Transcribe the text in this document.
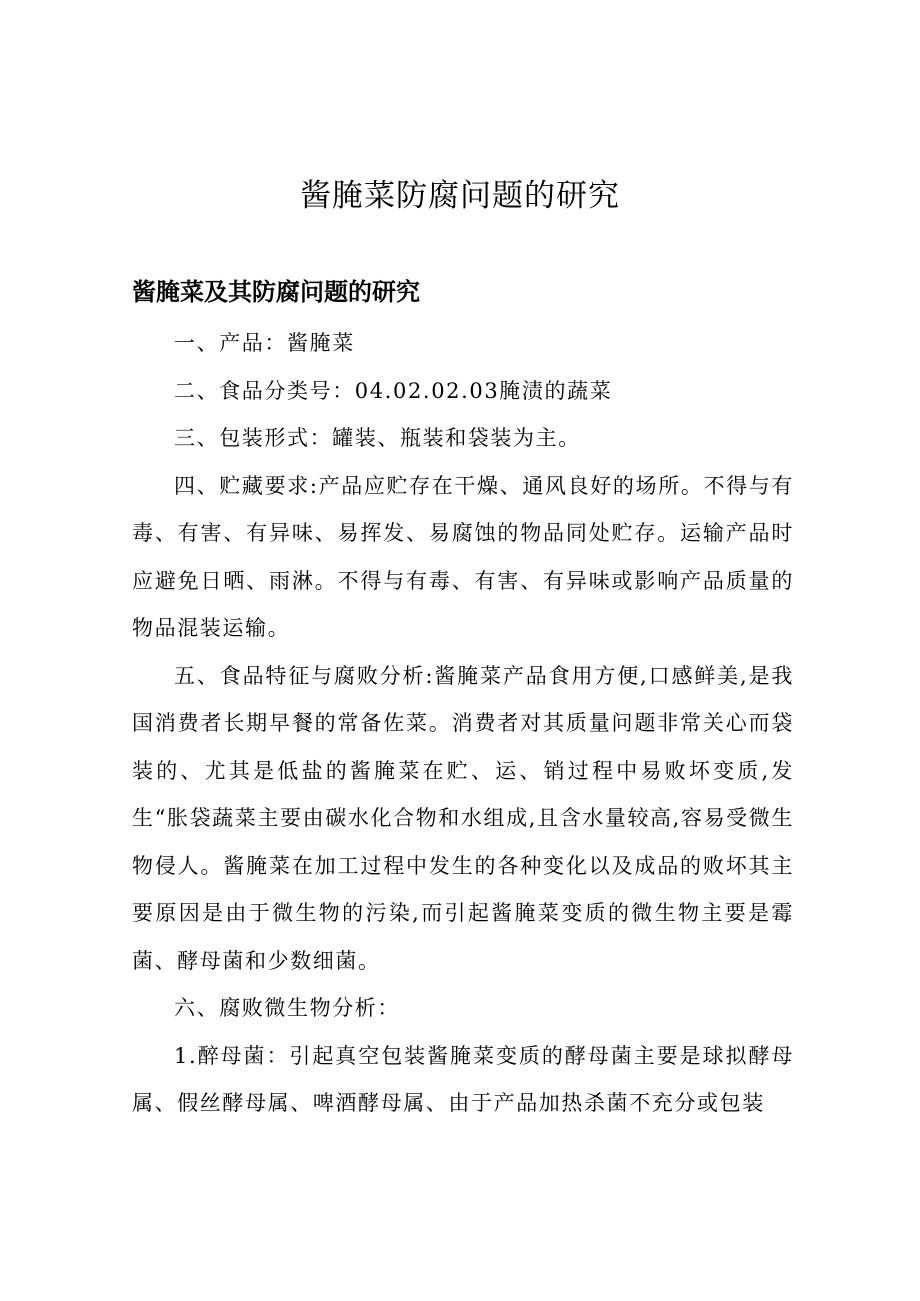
酱腌菜防腐问题的研究
酱腌菜及其防腐问题的研究

一、产品：酱腌菜

二、食品分类号：04.02.02.03腌渍的蔬菜

三、包装形式：罐装、瓶装和袋装为主。

四、贮藏要求:产品应贮存在干燥、通风良好的场所。不得与有毒、有害、有异味、易挥发、易腐蚀的物品同处贮存。运输产品时应避免日晒、雨淋。不得与有毒、有害、有异味或影响产品质量的物品混装运输。

五、食品特征与腐败分析:酱腌菜产品食用方便,口感鲜美,是我国消费者长期早餐的常备佐菜。消费者对其质量问题非常关心而袋装的、尤其是低盐的酱腌菜在贮、运、销过程中易败坏变质,发生“胀袋蔬菜主要由碳水化合物和水组成,且含水量较高,容易受微生物侵人。酱腌菜在加工过程中发生的各种变化以及成品的败坏其主要原因是由于微生物的污染,而引起酱腌菜变质的微生物主要是霉菌、酵母菌和少数细菌。

六、腐败微生物分析：

1.醉母菌：引起真空包装酱腌菜变质的酵母菌主要是球拟酵母属、假丝酵母属、啤酒酵母属、由于产品加热杀菌不充分或包装
